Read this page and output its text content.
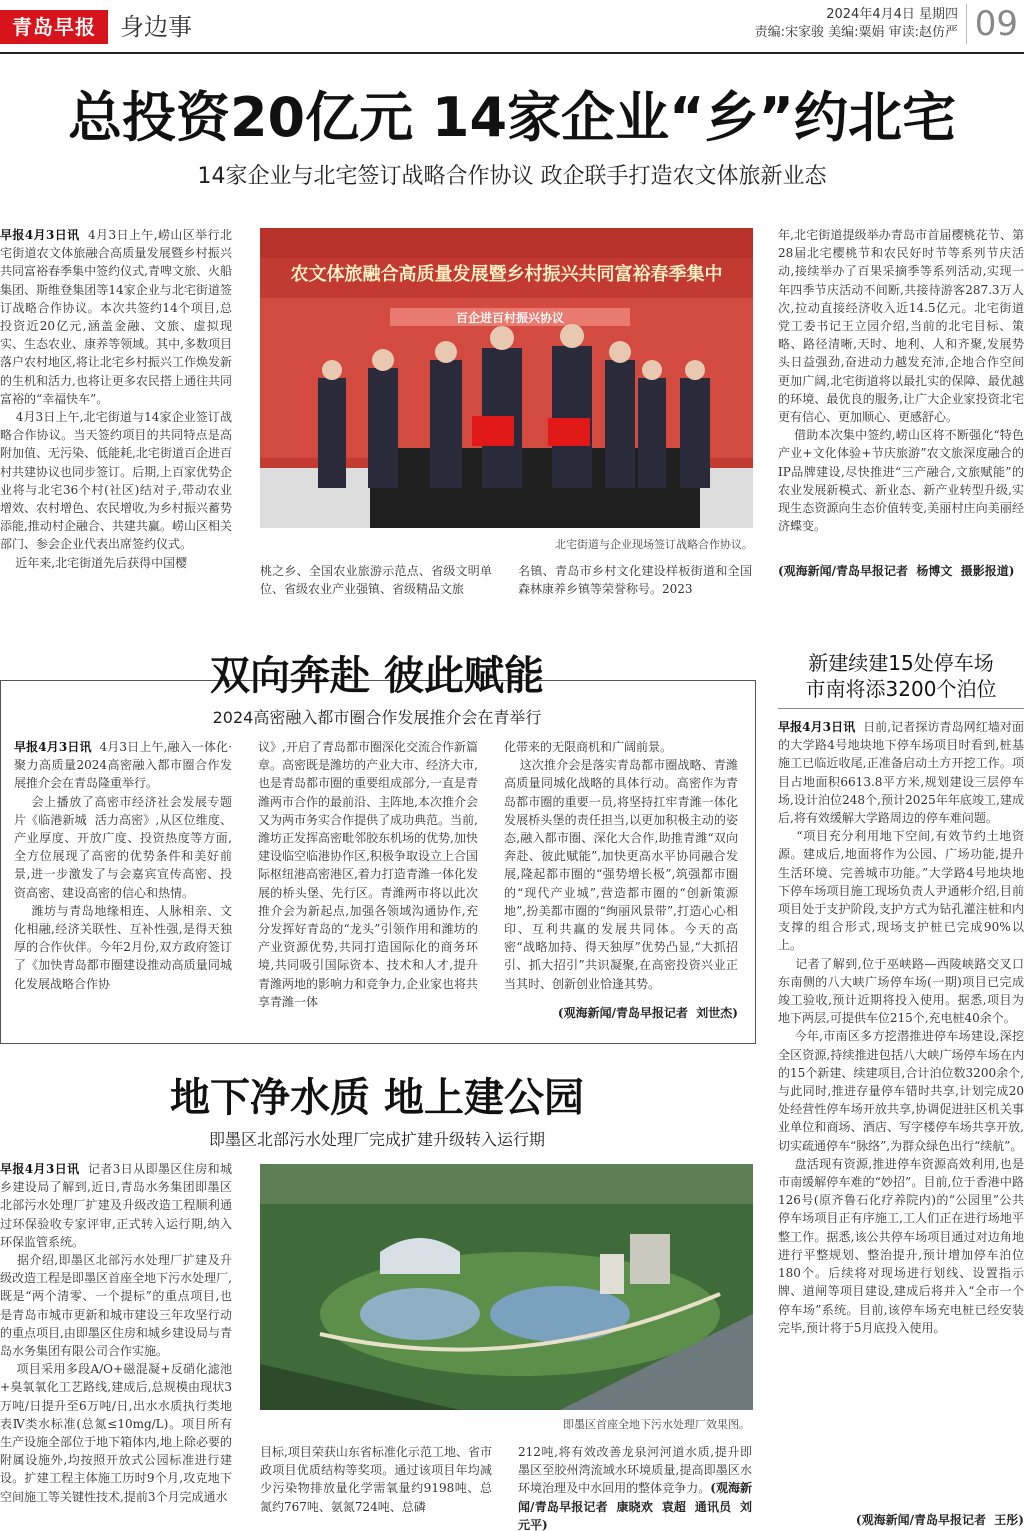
青岛早报	身边事	2024年4月4日 星期四
责编:宋家骏 美编:粟娟 审读:赵仿严 09
总投资20亿元 14家企业“乡”约北宅
14家企业与北宅签订战略合作协议 政企联手打造农文体旅新业态
早报4月3日讯  4月3日上午,崂山区举行北宅街道农文体旅融合高质量发展暨乡村振兴共同富裕春季集中签约仪式,青啤文旅、火船集团、斯维登集团等14家企业与北宅街道签订战略合作协议。本次共签约14个项目,总投资近20亿元,涵盖金融、文旅、虚拟现实、生态农业、康养等领域。其中,多数项目落户农村地区,将让北宅乡村振兴工作焕发新的生机和活力,也将让更多农民搭上通往共同富裕的“幸福快车”。
4月3日上午,北宅街道与14家企业签订战略合作协议。当天签约项目的共同特点是高附加值、无污染、低能耗,北宅街道百企进百村共建协议也同步签订。后期,上百家优势企业将与北宅36个村(社区)结对子,带动农业增效、农村增色、农民增收,为乡村振兴蓄势添能,推动村企融合、共建共赢。崂山区相关部门、参会企业代表出席签约仪式。
近年来,北宅街道先后获得中国樱
农文体旅融合高质量发展暨乡村振兴共同富裕春季集中
百企进百村振兴协议
北宅街道与企业现场签订战略合作协议。
桃之乡、全国农业旅游示范点、省级文明单位、省级农业产业强镇、省级精品文旅
名镇、青岛市乡村文化建设样板街道和全国森林康养乡镇等荣誉称号。2023
年,北宅街道提级举办青岛市首届樱桃花节、第28届北宅樱桃节和农民好时节等系列节庆活动,接续举办了百果采摘季等系列活动,实现一年四季节庆活动不间断,共接待游客287.3万人次,拉动直接经济收入近14.5亿元。北宅街道党工委书记王立园介绍,当前的北宅目标、策略、路径清晰,天时、地利、人和齐聚,发展势头日益强劲,奋进动力越发充沛,企地合作空间更加广阔,北宅街道将以最扎实的保障、最优越的环境、最优良的服务,让广大企业家投资北宅更有信心、更加顺心、更感舒心。
借助本次集中签约,崂山区将不断强化“特色产业+文化体验+节庆旅游”农文旅深度融合的IP品牌建设,尽快推进“三产融合,文旅赋能”的农业发展新模式、新业态、新产业转型升级,实现生态资源向生态价值转变,美丽村庄向美丽经济蝶变。
(观海新闻/青岛早报记者  杨博文  摄影报道)
双向奔赴 彼此赋能
2024高密融入都市圈合作发展推介会在青举行
早报4月3日讯  4月3日上午,融入一体化·聚力高质量2024高密融入都市圈合作发展推介会在青岛隆重举行。
会上播放了高密市经济社会发展专题片《临港新城  活力高密》,从区位维度、产业厚度、开放广度、投资热度等方面,全方位展现了高密的优势条件和美好前景,进一步激发了与会嘉宾宣传高密、投资高密、建设高密的信心和热情。
潍坊与青岛地缘相连、人脉相亲、文化相融,经济关联性、互补性强,是得天独厚的合作伙伴。今年2月份,双方政府签订了《加快青岛都市圈建设推动高质量同城化发展战略合作协
议》,开启了青岛都市圈深化交流合作新篇章。高密既是潍坊的产业大市、经济大市,也是青岛都市圈的重要组成部分,一直是青潍两市合作的最前沿、主阵地,本次推介会又为两市务实合作提供了成功典范。当前,潍坊正发挥高密毗邻胶东机场的优势,加快建设临空临港协作区,积极争取设立上合国际枢纽港高密港区,着力打造青潍一体化发展的桥头堡、先行区。青潍两市将以此次推介会为新起点,加强各领域沟通协作,充分发挥好青岛的“龙头”引领作用和潍坊的产业资源优势,共同打造国际化的商务环境,共同吸引国际资本、技术和人才,提升青潍两地的影响力和竞争力,企业家也将共享青潍一体
化带来的无限商机和广阔前景。
这次推介会是落实青岛都市圈战略、青潍高质量同城化战略的具体行动。高密作为青岛都市圈的重要一员,将坚持扛牢青潍一体化发展桥头堡的责任担当,以更加积极主动的姿态,融入都市圈、深化大合作,助推青潍“双向奔赴、彼此赋能”,加快更高水平协同融合发展,隆起都市圈的“强势增长极”,筑强都市圈的“现代产业城”,营造都市圈的“创新策源地”,扮美都市圈的“绚丽风景带”,打造心心相印、互利共赢的发展共同体。今天的高密“战略加持、得天独厚”优势凸显,“大抓招引、抓大招引”共识凝聚,在高密投资兴业正当其时、创新创业恰逢其势。
(观海新闻/青岛早报记者  刘世杰)
地下净水质 地上建公园
即墨区北部污水处理厂完成扩建升级转入运行期
早报4月3日讯  记者3日从即墨区住房和城乡建设局了解到,近日,青岛水务集团即墨区北部污水处理厂扩建及升级改造工程顺利通过环保验收专家评审,正式转入运行期,纳入环保监管系统。
据介绍,即墨区北部污水处理厂扩建及升级改造工程是即墨区首座全地下污水处理厂,既是“两个清零、一个提标”的重点项目,也是青岛市城市更新和城市建设三年攻坚行动的重点项目,由即墨区住房和城乡建设局与青岛水务集团有限公司合作实施。
项目采用多段A/O+磁混凝+反硝化滤池+臭氧氧化工艺路线,建成后,总规模由现状3万吨/日提升至6万吨/日,出水水质执行类地表Ⅳ类水标准(总氮≤10mg/L)。项目所有生产设施全部位于地下箱体内,地上除必要的附属设施外,均按照开放式公园标准进行建设。扩建工程主体施工历时9个月,攻克地下空间施工等关键性技术,提前3个月完成通水
即墨区首座全地下污水处理厂效果图。
目标,项目荣获山东省标准化示范工地、省市政项目优质结构等奖项。通过该项目年均减少污染物排放量化学需氧量约9198吨、总氮约767吨、氨氮724吨、总磷
212吨,将有效改善龙泉河河道水质,提升即墨区至胶州湾流域水环境质量,提高即墨区水环境治理及中水回用的整体竞争力。(观海新闻/青岛早报记者  康晓欢  袁超  通讯员  刘元平)
新建续建15处停车场
市南将添3200个泊位
早报4月3日讯  日前,记者探访青岛网红墙对面的大学路4号地块地下停车场项目时看到,桩基施工已临近收尾,正准备启动土方开挖工作。项目占地面积6613.8平方米,规划建设三层停车场,设计泊位248个,预计2025年年底竣工,建成后,将有效缓解大学路周边的停车难问题。
“项目充分利用地下空间,有效节约土地资源。建成后,地面将作为公园、广场功能,提升生活环境、完善城市功能。”大学路4号地块地下停车场项目施工现场负责人尹通彬介绍,目前项目处于支护阶段,支护方式为钻孔灌注桩和内支撑的组合形式,现场支护桩已完成90%以上。
记者了解到,位于巫峡路—西陵峡路交叉口东南侧的八大峡广场停车场(一期)项目已完成竣工验收,预计近期将投入使用。据悉,项目为地下两层,可提供车位215个,充电桩40余个。
今年,市南区多方挖潜推进停车场建设,深挖全区资源,持续推进包括八大峡广场停车场在内的15个新建、续建项目,合计泊位数3200余个,与此同时,推进存量停车错时共享,计划完成20处经营性停车场开放共享,协调促进驻区机关事业单位和商场、酒店、写字楼停车场共享开放,切实疏通停车“脉络”,为群众绿色出行“续航”。
盘活现有资源,推进停车资源高效利用,也是市南缓解停车难的“妙招”。目前,位于香港中路126号(原齐鲁石化疗养院内)的“公园里”公共停车场项目正有序施工,工人们正在进行场地平整工作。据悉,该公共停车场项目通过对边角地进行平整规划、整治提升,预计增加停车泊位180个。后续将对现场进行划线、设置指示牌、道闸等项目建设,建成后将并入“全市一个停车场”系统。目前,该停车场充电桩已经安装完毕,预计将于5月底投入使用。
(观海新闻/青岛早报记者  王彤)
